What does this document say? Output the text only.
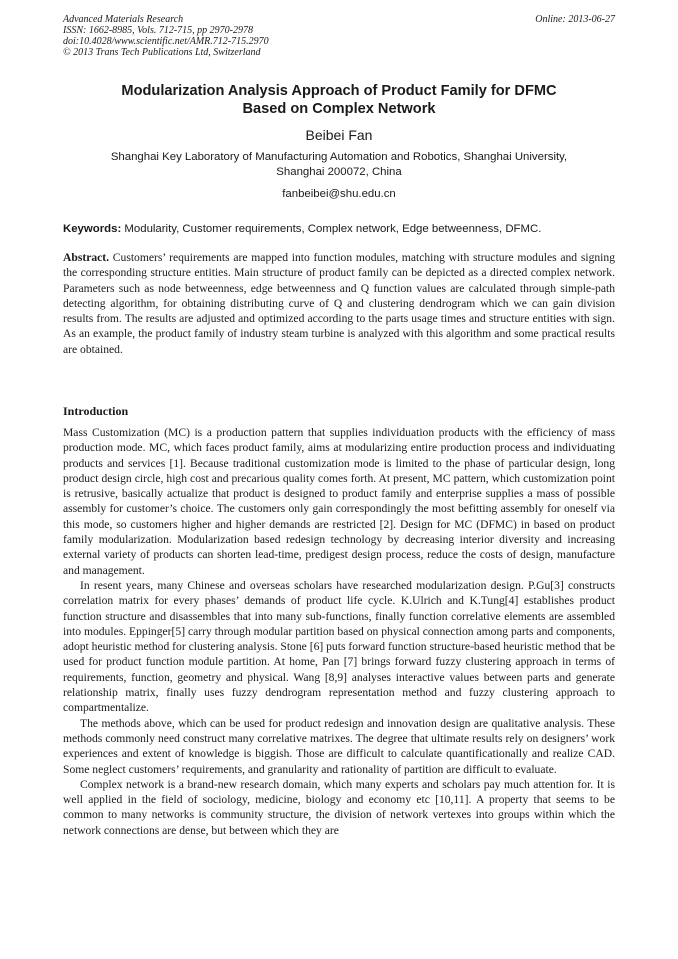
Advanced Materials Research
ISSN: 1662-8985, Vols. 712-715, pp 2970-2978
doi:10.4028/www.scientific.net/AMR.712-715.2970
© 2013 Trans Tech Publications Ltd, Switzerland
Online: 2013-06-27
Modularization Analysis Approach of Product Family for DFMC
Based on Complex Network
Beibei Fan
Shanghai Key Laboratory of Manufacturing Automation and Robotics, Shanghai University,
Shanghai 200072, China
fanbeibei@shu.edu.cn
Keywords: Modularity, Customer requirements, Complex network, Edge betweenness, DFMC.
Abstract. Customers’ requirements are mapped into function modules, matching with structure modules and signing the corresponding structure entities. Main structure of product family can be depicted as a directed complex network. Parameters such as node betweenness, edge betweenness and Q function values are calculated through simple-path detecting algorithm, for obtaining distributing curve of Q and clustering dendrogram which we can gain division results from. The results are adjusted and optimized according to the parts usage times and structure entities with sign. As an example, the product family of industry steam turbine is analyzed with this algorithm and some practical results are obtained.
Introduction

Mass Customization (MC) is a production pattern that supplies individuation products with the efficiency of mass production mode. MC, which faces product family, aims at modularizing entire production process and individuating products and services [1]. Because traditional customization mode is limited to the phase of particular design, long product design circle, high cost and precarious quality comes forth. At present, MC pattern, which customization point is retrusive, basically actualize that product is designed to product family and enterprise supplies a mass of possible assembly for customer’s choice. The customers only gain correspondingly the most befitting assembly for oneself via this mode, so customers higher and higher demands are restricted [2]. Design for MC (DFMC) in based on product family modularization. Modularization based redesign technology by decreasing interior diversity and increasing external variety of products can shorten lead-time, predigest design process, reduce the costs of design, manufacture and management.

In resent years, many Chinese and overseas scholars have researched modularization design. P.Gu[3] constructs correlation matrix for every phases’ demands of product life cycle. K.Ulrich and K.Tung[4] establishes product function structure and disassembles that into many sub-functions, finally function correlative elements are assembled into modules. Eppinger[5] carry through modular partition based on physical connection among parts and components, adopt heuristic method for clustering analysis. Stone [6] puts forward function structure-based heuristic method that be used for product function module partition. At home, Pan [7] brings forward fuzzy clustering approach in terms of requirements, function, geometry and physical. Wang [8,9] analyses interactive values between parts and generate relationship matrix, finally uses fuzzy dendrogram representation method and fuzzy clustering approach to compartmentalize.

The methods above, which can be used for product redesign and innovation design are qualitative analysis. These methods commonly need construct many correlative matrixes. The degree that ultimate results rely on designers’ work experiences and extent of knowledge is biggish. Those are difficult to calculate quantificationally and realize CAD. Some neglect customers’ requirements, and granularity and rationality of partition are difficult to evaluate.

Complex network is a brand-new research domain, which many experts and scholars pay much attention for. It is well applied in the field of sociology, medicine, biology and economy etc [10,11]. A property that seems to be common to many networks is community structure, the division of network vertexes into groups within which the network connections are dense, but between which they are
